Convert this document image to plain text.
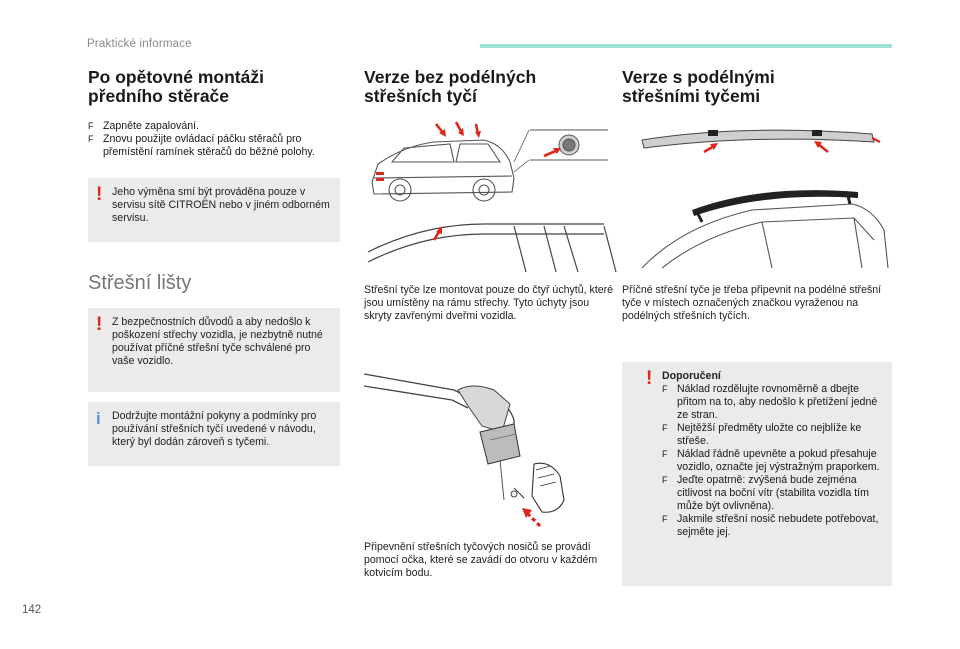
Praktické informace
142
Po opětovné montáži
předního stěrače
F Zapněte zapalování.
F Znovu použijte ovládací páčku stěračů pro přemístění ramínek stěračů do běžné polohy.
! Jeho výměna smí být prováděna pouze v servisu sítě CITROËN nebo v jiném odborném servisu.

Střešní lišty
! Z bezpečnostních důvodů a aby nedošlo k poškození střechy vozidla, je nezbytně nutné používat příčné střešní tyče schválené pro vaše vozidlo.

i Dodržujte montážní pokyny a podmínky pro používání střešních tyčí uvedené v návodu, který byl dodán zároveň s tyčemi.

Verze bez podélných
střešních tyčí

Střešní tyče lze montovat pouze do čtyř úchytů, které jsou umístěny na rámu střechy. Tyto úchyty jsou skryty zavřenými dveřmi vozidla.

Připevnění střešních tyčových nosičů se provádí pomocí očka, které se zavádí do otvoru v každém kotvicím bodu.

Verze s podélnými
střešními tyčemi

Příčné střešní tyče je třeba připevnit na podélné střešní tyče v místech označených značkou vyraženou na podélných střešních tyčích.

! Doporučení

F Náklad rozdělujte rovnoměrně a dbejte přitom na to, aby nedošlo k přetížení jedné ze stran.
F Nejtěžší předměty uložte co nejblíže ke střeše.
F Náklad řádně upevněte a pokud přesahuje vozidlo, označte jej výstražným praporkem.
F Jeďte opatrně: zvýšená bude zejména citlivost na boční vítr (stabilita vozidla tím může být ovlivněna).
F Jakmile střešní nosič nebudete potřebovat, sejměte jej.
